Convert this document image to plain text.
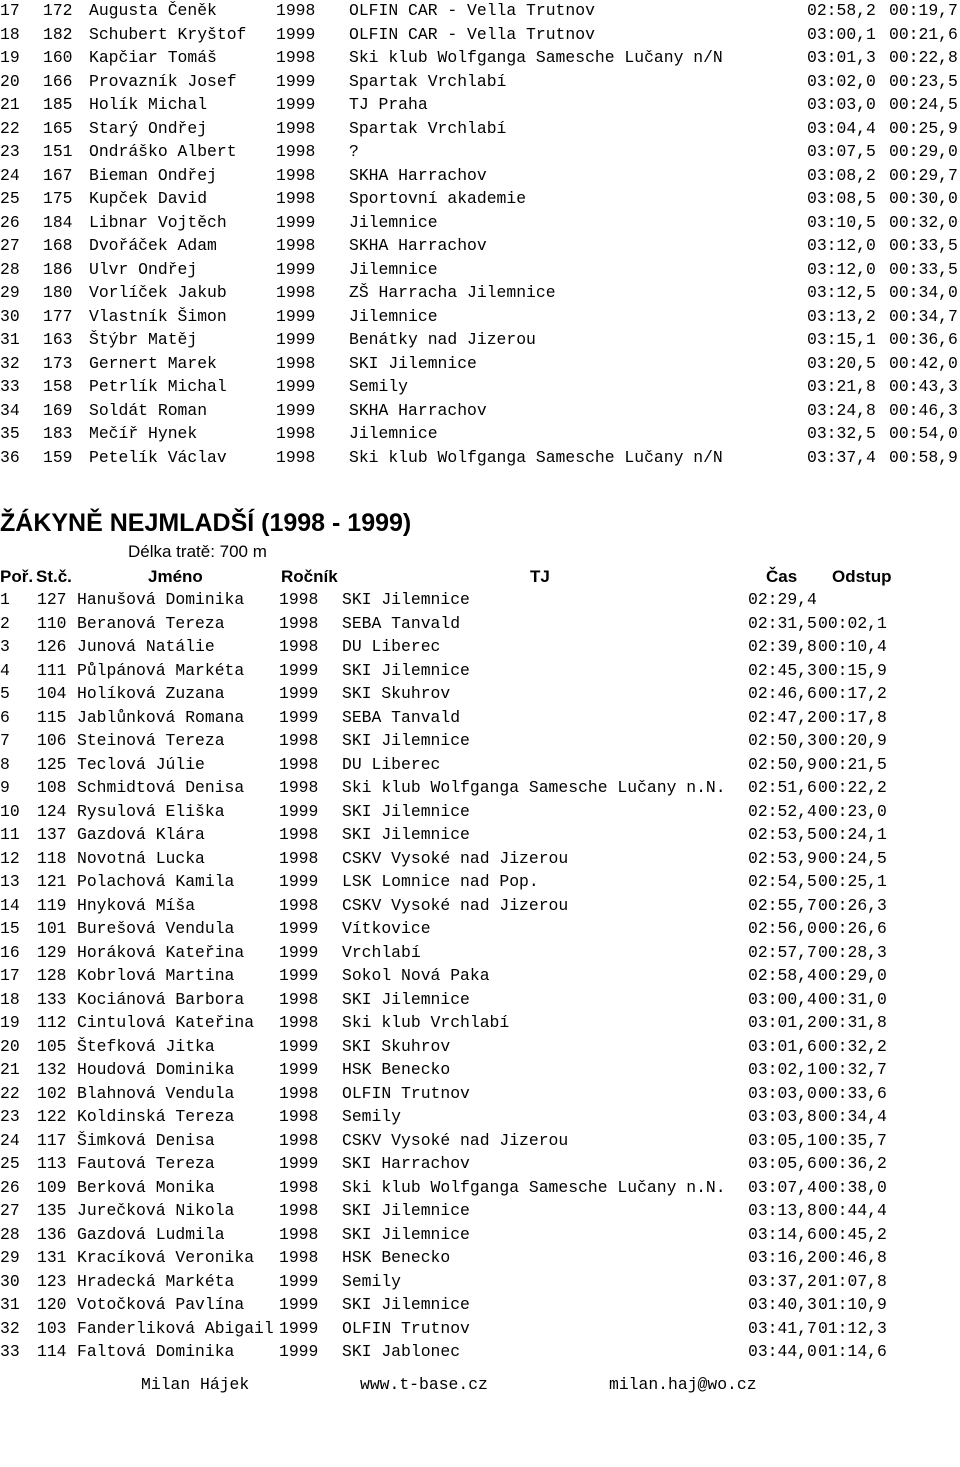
17 172 Augusta Čeněk	1998 OLFIN CAR - Vella Trutnov	02:58,2 00:19,7
18 182 Schubert Kryštof 1999 OLFIN CAR - Vella Trutnov	03:00,1 00:21,6
19 160 Kapčiar Tomáš	1998 Ski klub Wolfganga Samesche Lučany n/N	03:01,3 00:22,8
20 166 Provazník Josef 1999 Spartak Vrchlabí	03:02,0 00:23,5
21 185 Holík Michal	1999 TJ Praha	03:03,0 00:24,5
22 165 Starý Ondřej	1998 Spartak Vrchlabí	03:04,4 00:25,9
23 151 Ondráško Albert 1998 ?	03:07,5 00:29,0
24 167 Bieman Ondřej	1998 SKHA Harrachov	03:08,2 00:29,7
25 175 Kupček David	1998 Sportovní akademie	03:08,5 00:30,0
26 184 Libnar Vojtěch	1999 Jilemnice	03:10,5 00:32,0
27 168 Dvořáček Adam	1998 SKHA Harrachov	03:12,0 00:33,5
28 186 Ulvr Ondřej	1999 Jilemnice	03:12,0 00:33,5
29 180 Vorlíček Jakub	1998 ZŠ Harracha Jilemnice	03:12,5 00:34,0
30 177 Vlastník Šimon	1999 Jilemnice	03:13,2 00:34,7
31 163 Štýbr Matěj	1999 Benátky nad Jizerou	03:15,1 00:36,6
32 173 Gernert Marek	1998 SKI Jilemnice	03:20,5 00:42,0
33 158 Petrlík Michal	1999 Semily	03:21,8 00:43,3
34 169 Soldát Roman	1999 SKHA Harrachov	03:24,8 00:46,3
35 183 Mečíř Hynek	1998 Jilemnice	03:32,5 00:54,0
36 159 Petelík Václav	1998 Ski klub Wolfganga Samesche Lučany n/N	03:37,4 00:58,9
ŽÁKYNĚ NEJMLADŠÍ (1998 - 1999)
Délka tratě: 700 m
Poř. St.č.	Jméno	Ročník	TJ	Čas Odstup
1 127 Hanušová Dominika 1998 SKI Jilemnice	02:29,4
2 110 Beranová Tereza	1998 SEBA Tanvald	02:31,5 00:02,1
3 126 Junová Natálie	1998 DU Liberec	02:39,8 00:10,4
4 111 Půlpánová Markéta 1999 SKI Jilemnice	02:45,3 00:15,9
5 104 Holíková Zuzana	1999 SKI Skuhrov	02:46,6 00:17,2
6 115 Jablůnková Romana 1999 SEBA Tanvald	02:47,2 00:17,8
7 106 Steinová Tereza	1998 SKI Jilemnice	02:50,3 00:20,9
8 125 Teclová Júlie	1998 DU Liberec	02:50,9 00:21,5
9 108 Schmidtová Denisa 1998 Ski klub Wolfganga Samesche Lučany n.N. 02:51,6 00:22,2
10 124 Rysulová Eliška	1999 SKI Jilemnice	02:52,4 00:23,0
11 137 Gazdová Klára	1998 SKI Jilemnice	02:53,5 00:24,1
12 118 Novotná Lucka	1998 CSKV Vysoké nad Jizerou	02:53,9 00:24,5
13 121 Polachová Kamila	1999 LSK Lomnice nad Pop.	02:54,5 00:25,1
14 119 Hnyková Míša	1998 CSKV Vysoké nad Jizerou	02:55,7 00:26,3
15 101 Burešová Vendula	1999 Vítkovice	02:56,0 00:26,6
16 129 Horáková Kateřina 1999 Vrchlabí	02:57,7 00:28,3
17 128 Kobrlová Martina	1999 Sokol Nová Paka	02:58,4 00:29,0
18 133 Kociánová Barbora 1998 SKI Jilemnice	03:00,4 00:31,0
19 112 Cintulová Kateřina 1998 Ski klub Vrchlabí	03:01,2 00:31,8
20 105 Štefková Jitka	1999 SKI Skuhrov	03:01,6 00:32,2
21 132 Houdová Dominika	1999 HSK Benecko	03:02,1 00:32,7
22 102 Blahnová Vendula	1998 OLFIN Trutnov	03:03,0 00:33,6
23 122 Koldinská Tereza	1998 Semily	03:03,8 00:34,4
24 117 Šimková Denisa	1998 CSKV Vysoké nad Jizerou	03:05,1 00:35,7
25 113 Fautová Tereza	1999 SKI Harrachov	03:05,6 00:36,2
26 109 Berková Monika	1998 Ski klub Wolfganga Samesche Lučany n.N. 03:07,4 00:38,0
27 135 Jurečková Nikola	1998 SKI Jilemnice	03:13,8 00:44,4
28 136 Gazdová Ludmila	1998 SKI Jilemnice	03:14,6 00:45,2
29 131 Kracíková Veronika 1998 HSK Benecko	03:16,2 00:46,8
30 123 Hradecká Markéta	1999 Semily	03:37,2 01:07,8
31 120 Votočková Pavlína 1999 SKI Jilemnice	03:40,3 01:10,9
32 103 Fanderliková Abigail 1999 OLFIN Trutnov	03:41,7 01:12,3
33 114 Faltová Dominika	1999 SKI Jablonec	03:44,0 01:14,6

Milan Hájek

	www.t-base.cz

	milan.haj@wo.cz
